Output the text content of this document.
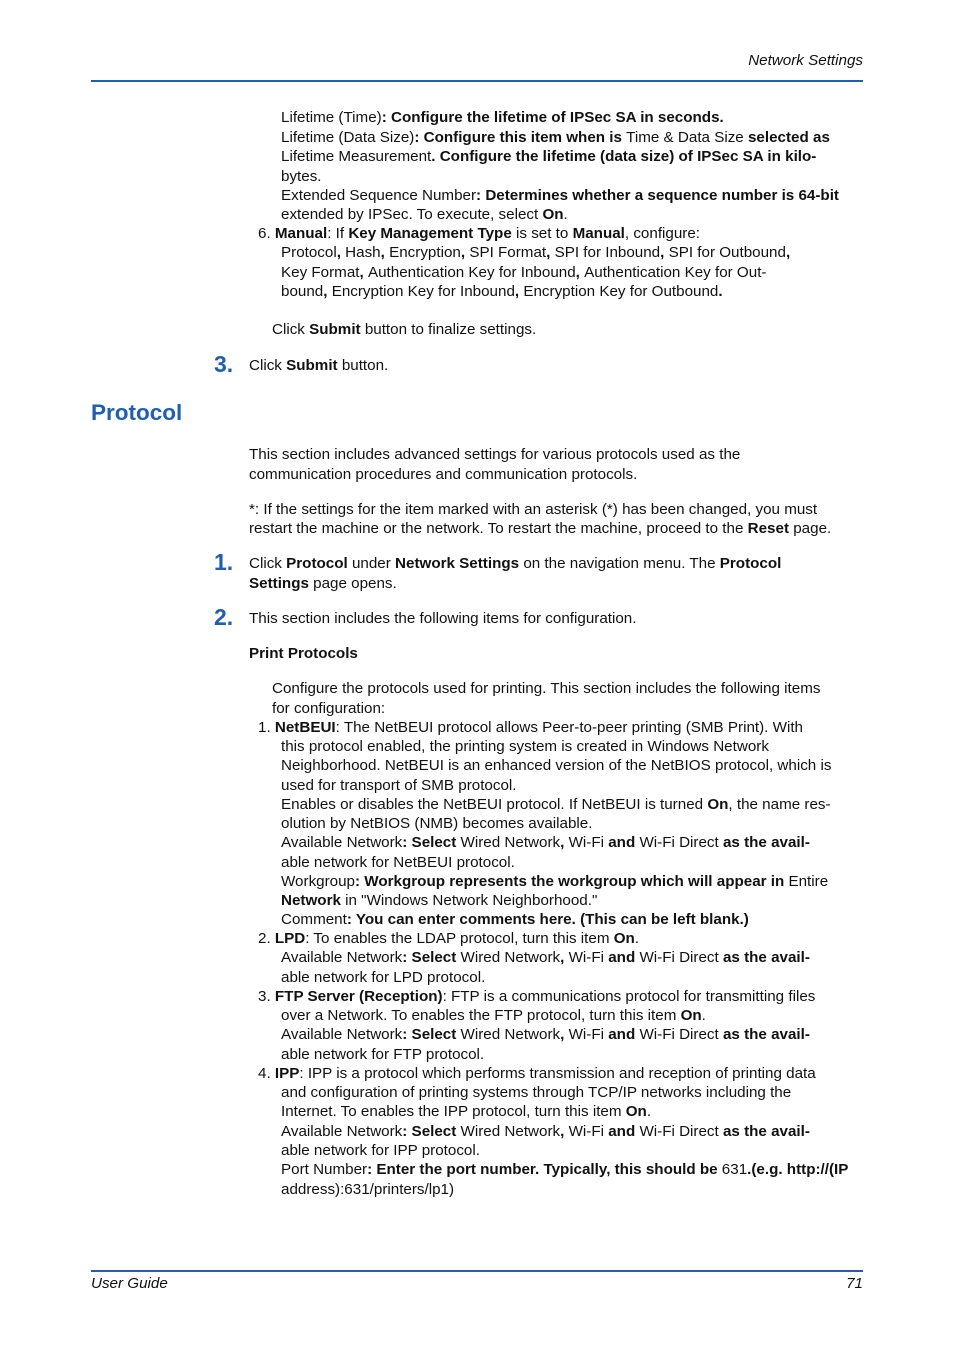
Network Settings
3.
Protocol
1.
2.
Lifetime (Time): Configure the lifetime of IPSec SA in seconds.
Lifetime (Data Size): Configure this item when is Time & Data Size selected as
Lifetime Measurement. Configure the lifetime (data size) of IPSec SA in kilo-
bytes.
Extended Sequence Number: Determines whether a sequence number is 64-bit
extended by IPSec. To execute, select On.
6. Manual: If Key Management Type is set to Manual, configure:
Protocol, Hash, Encryption, SPI Format, SPI for Inbound, SPI for Outbound,
Key Format, Authentication Key for Inbound, Authentication Key for Out-
bound, Encryption Key for Inbound, Encryption Key for Outbound.
Click Submit button to finalize settings.
Click Submit button.
This section includes advanced settings for various protocols used as the
communication procedures and communication protocols.
*: If the settings for the item marked with an asterisk (*) has been changed, you must
restart the machine or the network. To restart the machine, proceed to the Reset page.
Click Protocol under Network Settings on the navigation menu. The Protocol
Settings page opens.
This section includes the following items for configuration.
Print Protocols
Configure the protocols used for printing. This section includes the following items
for configuration:
1. NetBEUI: The NetBEUI protocol allows Peer-to-peer printing (SMB Print). With
this protocol enabled, the printing system is created in Windows Network
Neighborhood. NetBEUI is an enhanced version of the NetBIOS protocol, which is
used for transport of SMB protocol.
Enables or disables the NetBEUI protocol. If NetBEUI is turned On, the name res-
olution by NetBIOS (NMB) becomes available.
Available Network: Select Wired Network, Wi-Fi and Wi-Fi Direct as the avail-
able network for NetBEUI protocol.
Workgroup: Workgroup represents the workgroup which will appear in Entire
Network in "Windows Network Neighborhood."
Comment: You can enter comments here. (This can be left blank.)
2. LPD: To enables the LDAP protocol, turn this item On.
Available Network: Select Wired Network, Wi-Fi and Wi-Fi Direct as the avail-
able network for LPD protocol.
3. FTP Server (Reception): FTP is a communications protocol for transmitting files
over a Network. To enables the FTP protocol, turn this item On.
Available Network: Select Wired Network, Wi-Fi and Wi-Fi Direct as the avail-
able network for FTP protocol.
4. IPP: IPP is a protocol which performs transmission and reception of printing data
and configuration of printing systems through TCP/IP networks including the
Internet. To enables the IPP protocol, turn this item On.
Available Network: Select Wired Network, Wi-Fi and Wi-Fi Direct as the avail-
able network for IPP protocol.
Port Number: Enter the port number. Typically, this should be 631.(e.g. http://(IP
address):631/printers/lp1)
User Guide	71
